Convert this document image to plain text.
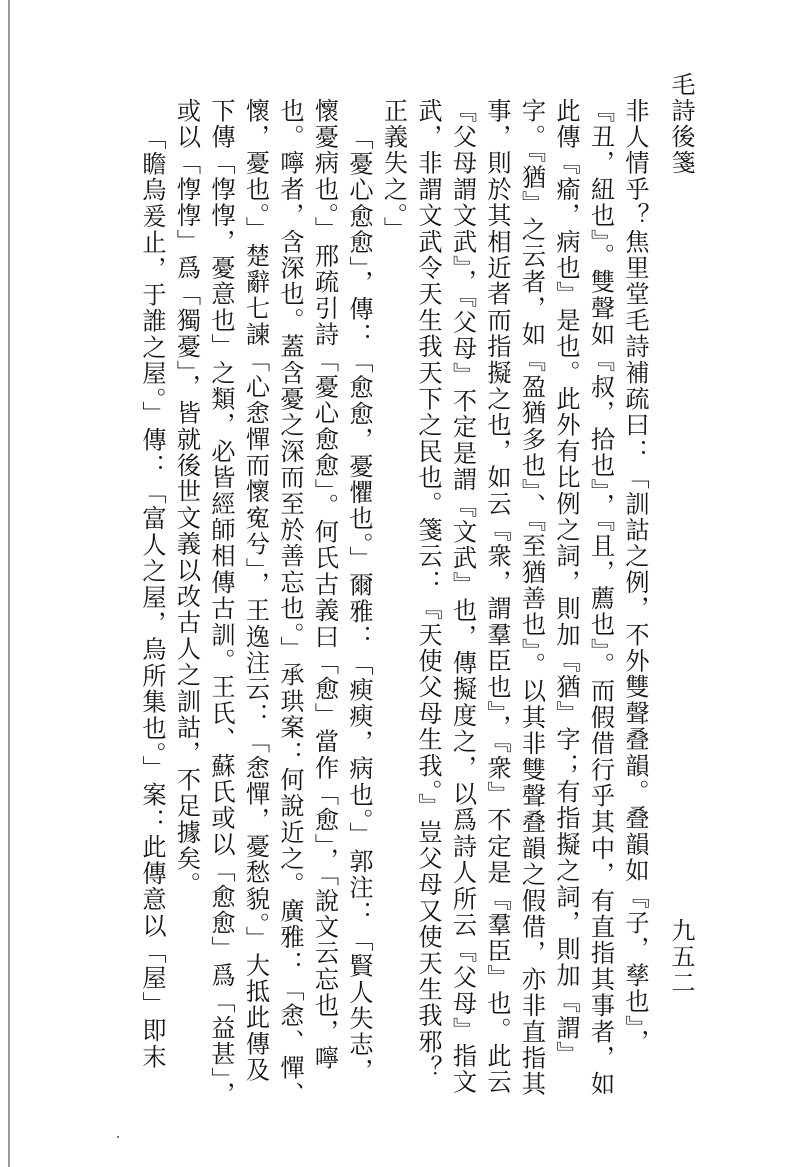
毛詩後箋
九五二
非人情乎？焦里堂毛詩補疏曰：「訓詁之例，不外雙聲叠韻。叠韻如『子，孳也』，
『丑，紐也』。雙聲如『叔，拾也』，『且，薦也』。而假借行乎其中，有直指其事者，如
此傳『瘉，病也』是也。此外有比例之詞，則加『猶』字；有指擬之詞，則加『謂』
字。『猶』之云者，如『盈猶多也』、『至猶善也』。以其非雙聲叠韻之假借，亦非直指其
事，則於其相近者而指擬之也，如云『衆，謂羣臣也』，『衆』不定是『羣臣』也。此云
『父母謂文武』，『父母』不定是謂『文武』也，傳擬度之，以爲詩人所云『父母』指文
武，非謂文武令天生我天下之民也。箋云：『天使父母生我。』豈父母又使天生我邪？
正義失之。」
「憂心愈愈」，傳：「愈愈，憂懼也。」爾雅：「瘐瘐，病也。」郭注：「賢人失志，
懷憂病也。」邢疏引詩「憂心愈愈」。何氏古義曰「愈」當作「愈」，「說文云忘也，嚀
也。嚀者，含深也。蓋含憂之深而至於善忘也。」承珙案：何說近之。廣雅：「悆、憚、
懷，憂也。」楚辭七諫「心悆憚而懷寃兮」，王逸注云：「悆憚，憂愁貌。」大抵此傳及
下傳「惸惸，憂意也」之類，必皆經師相傳古訓。王氏、蘇氏或以「愈愈」爲「益甚」，
或以「惸惸」爲「獨憂」，皆就後世文義以改古人之訓詁，不足據矣。
「瞻烏爰止，于誰之屋。」傳：「富人之屋，烏所集也。」案：此傳意以「屋」即末
